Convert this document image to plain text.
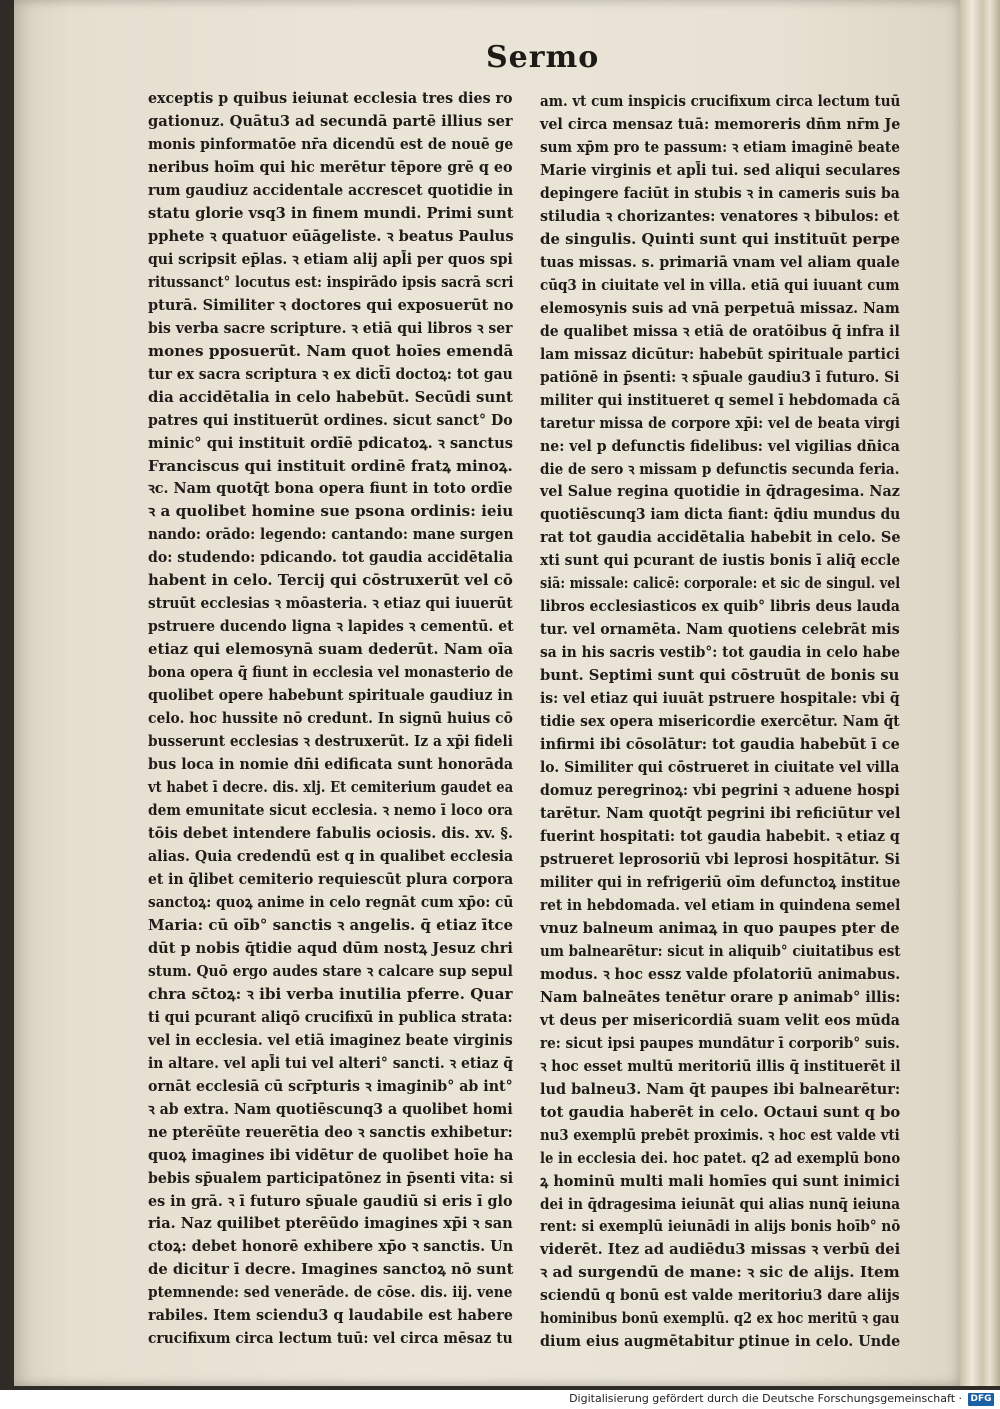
Sermo
exceptis p quibus ieiunat ecclesia tres dies ro
gationuz. Quātu3 ad secundā partē illius ser
monis pinformatōe nr̄a dicendū est de nouē ge
neribus hoīm qui hic merētur tēpore grē q eo
rum gaudiuz accidentale accrescet quotidie in
statu glorie vsq3 in finem mundi. Primi sunt
pphete ꝛ quatuor eūāgeliste. ꝛ beatus Paulus
qui scripsit ep̄las. ꝛ etiam alij apl̄i per quos spi
ritussanct° locutus est: inspirādo ipsis sacrā scri
pturā. Similiter ꝛ doctores qui exposuerūt no
bis verba sacre scripture. ꝛ etiā qui libros ꝛ ser
mones pposuerūt. Nam quot hoīes emendā
tur ex sacra scriptura ꝛ ex dict̄ī doctoꝝ: tot gau
dia accidētalia in celo habebūt. Secūdi sunt
patres qui instituerūt ordines. sicut sanct° Do
minic° qui instituit ordīē pdicatoꝝ. ꝛ sanctus
Franciscus qui instituit ordinē fratꝝ minoꝝ.
ꝛc. Nam quotq̄t bona opera fiunt in toto ordīe
ꝛ a quolibet homine sue psona ordinis: ieiu
nando: orādo: legendo: cantando: mane surgen
do: studendo: pdicando. tot gaudia accidētalia
habent in celo. Tercij qui cōstruxerūt vel cō
struūt ecclesias ꝛ mōasteria. ꝛ etiaz qui iuuerūt
pstruere ducendo ligna ꝛ lapides ꝛ cementū. et
etiaz qui elemosynā suam dederūt. Nam oīa
bona opera q̄ fiunt in ecclesia vel monasterio de
quolibet opere habebunt spirituale gaudiuz in
celo. hoc hussite nō credunt. In signū huius cō
busserunt ecclesias ꝛ destruxerūt. Iz a xp̄i fideli
bus loca in nomie dn̄i edificata sunt honorāda
vt habet ī decre. dis. xlj. Et cemiterium gaudet ea
dem emunitate sicut ecclesia. ꝛ nemo ī loco ora
tōis debet intendere fabulis ociosis. dis. xv. §.
alias. Quia credendū est q in qualibet ecclesia
et in q̄libet cemiterio requiescūt plura corpora
sanctoꝝ: quoꝝ anime in celo regnāt cum xp̄o: cū
Maria: cū oīb° sanctis ꝛ angelis. q̄ etiaz ītce
dūt p nobis q̄tidie aqud dūm nostꝝ Jesuz chri
stum. Quō ergo audes stare ꝛ calcare sup sepul
chra sc̄toꝝ: ꝛ ibi verba inutilia pferre. Quar
ti qui pcurant aliqō crucifixū in publica strata:
vel in ecclesia. vel etiā imaginez beate virginis
in altare. vel apl̄i tui vel alteri° sancti. ꝛ etiaz q̄
ornāt ecclesiā cū scr̄pturis ꝛ imaginib° ab int°
ꝛ ab extra. Nam quotiēscunq3 a quolibet homi
ne pterēūte reuerētia deo ꝛ sanctis exhibetur:
quoꝝ imagines ibi vidētur de quolibet hoīe ha
bebis sp̄ualem participatōnez in p̄senti vita: si
es in grā. ꝛ ī futuro sp̄uale gaudiū si eris ī glo
ria. Naz quilibet pterēūdo imagines xp̄i ꝛ san
ctoꝝ: debet honorē exhibere xp̄o ꝛ sanctis. Un
de dicitur ī decre. Imagines sanctoꝝ nō sunt
ptemnende: sed venerāde. de cōse. dis. iij. vene
rabiles. Item sciendu3 q laudabile est habere
crucifixum circa lectum tuū: vel circa mēsaz tu
am. vt cum inspicis crucifixum circa lectum tuū
vel circa mensaz tuā: memoreris dn̄m nr̄m Je
sum xp̄m pro te passum: ꝛ etiam imaginē beate
Marie virginis et apl̄i tui. sed aliqui seculares
depingere faciūt in stubis ꝛ in cameris suis ba
stiludia ꝛ chorizantes: venatores ꝛ bibulos: et
de singulis. Quinti sunt qui instituūt perpe
tuas missas. s. primariā vnam vel aliam quale
cūq3 in ciuitate vel in villa. etiā qui iuuant cum
elemosynis suis ad vnā perpetuā missaz. Nam
de qualibet missa ꝛ etiā de oratōibus q̄ infra il
lam missaz dicūtur: habebūt spirituale partici
patiōnē in p̄senti: ꝛ sp̄uale gaudiu3 ī futuro. Si
militer qui institueret q semel ī hebdomada cā
taretur missa de corpore xp̄i: vel de beata virgi
ne: vel p defunctis fidelibus: vel vigilias dn̄ica
die de sero ꝛ missam p defunctis secunda feria.
vel Salue regina quotidie in q̄dragesima. Naz
quotiēscunq3 iam dicta fiant: q̄diu mundus du
rat tot gaudia accidētalia habebit in celo. Se
xti sunt qui pcurant de iustis bonis ī aliq̄ eccle
siā: missale: calicē: corporale: et sic de singul. vel
libros ecclesiasticos ex quib° libris deus lauda
tur. vel ornamēta. Nam quotiens celebrāt mis
sa in his sacris vestib°: tot gaudia in celo habe
bunt. Septimi sunt qui cōstruūt de bonis su
is: vel etiaz qui iuuāt pstruere hospitale: vbi q̄
tidie sex opera misericordie exercētur. Nam q̄t
infirmi ibi cōsolātur: tot gaudia habebūt ī ce
lo. Similiter qui cōstrueret in ciuitate vel villa
domuz peregrinoꝝ: vbi pegrini ꝛ aduene hospi
tarētur. Nam quotq̄t pegrini ibi reficiūtur vel
fuerint hospitati: tot gaudia habebit. ꝛ etiaz q
pstrueret leprosoriū vbi leprosi hospitātur. Si
militer qui in refrigeriū oīm defunctoꝝ institue
ret in hebdomada. vel etiam in quindena semel
vnuz balneum animaꝝ in quo paupes pter de
um balnearētur: sicut in aliquib° ciuitatibus est
modus. ꝛ hoc essz valde pfolatoriū animabus.
Nam balneātes tenētur orare p animab° illis:
vt deus per misericordiā suam velit eos mūda
re: sicut ipsi paupes mundātur ī corporib° suis.
ꝛ hoc esset multū meritoriū illis q̄ instituerēt il
lud balneu3. Nam q̄t paupes ibi balnearētur:
tot gaudia haberēt in celo. Octaui sunt q bo
nu3 exemplū prebēt proximis. ꝛ hoc est valde vti
le in ecclesia dei. hoc patet. q2 ad exemplū bono
ꝝ hominū multi mali homīes qui sunt inimici
dei in q̄dragesima ieiunāt qui alias nunq̄ ieiuna
rent: si exemplū ieiunādi in alijs bonis hoīb° nō
viderēt. Itez ad audiēdu3 missas ꝛ verbū dei
ꝛ ad surgendū de mane: ꝛ sic de alijs. Item
sciendū q bonū est valde meritoriu3 dare alijs
hominibus bonū exemplū. q2 ex hoc meritū ꝛ gau
dium eius augmētabitur ꝑtinue in celo. Unde
Digitalisierung gefördert durch die Deutsche Forschungsgemeinschaft · DFG
